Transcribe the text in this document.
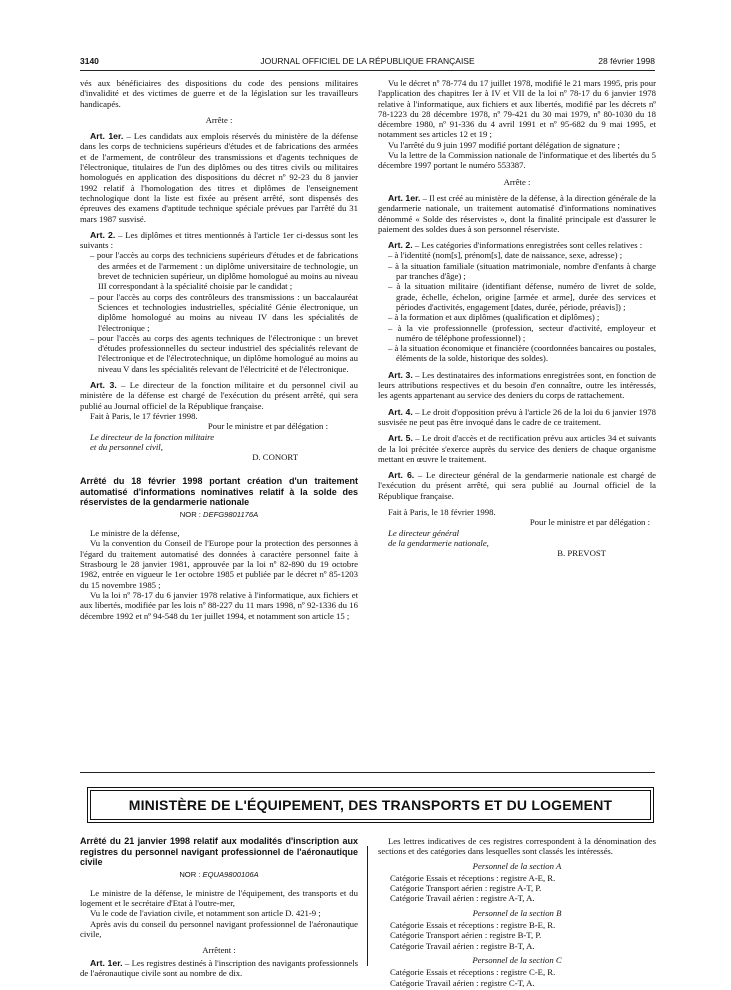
3140	JOURNAL OFFICIEL DE LA RÉPUBLIQUE FRANÇAISE	28 février 1998

vés aux bénéficiaires des dispositions du code des pensions militaires d'invalidité et des victimes de guerre et de la législation sur les travailleurs handicapés.

Arrête :

Art. 1er. – Les candidats aux emplois réservés du ministère de la défense dans les corps de techniciens supérieurs d'études et de fabrications des armées et de l'armement, de contrôleur des transmissions et d'agents techniques de l'électronique, titulaires de l'un des diplômes ou des titres civils ou militaires homologués en application des dispositions du décret nº 92-23 du 8 janvier 1992 relatif à l'homologation des titres et diplômes de l'enseignement technologique dont la liste est fixée au présent arrêté, sont dispensés des épreuves des examens d'aptitude technique spéciale prévues par l'arrêté du 31 mars 1987 susvisé.

Art. 2. – Les diplômes et titres mentionnés à l'article 1er ci-dessus sont les suivants :

– pour l'accès au corps des techniciens supérieurs d'études et de fabrications des armées et de l'armement : un diplôme universitaire de technologie, un brevet de technicien supérieur, un diplôme homologué au moins au niveau III correspondant à la spécialité choisie par le candidat ;
– pour l'accès au corps des contrôleurs des transmissions : un baccalauréat Sciences et technologies industrielles, spécialité Génie électronique, un diplôme homologué au moins au niveau IV dans les spécialités de l'électronique ;
– pour l'accès au corps des agents techniques de l'électronique : un brevet d'études professionnelles du secteur industriel des spécialités relevant de l'électronique et de l'électrotechnique, un diplôme homologué au moins au niveau V dans les spécialités relevant de l'électricité et de l'électronique.

Art. 3. – Le directeur de la fonction militaire et du personnel civil au ministère de la défense est chargé de l'exécution du présent arrêté, qui sera publié au Journal officiel de la République française.

Fait à Paris, le 17 février 1998.

Pour le ministre et par délégation :

Le directeur de la fonction militaire

et du personnel civil,

D. CONORT

Arrêté du 18 février 1998 portant création d'un traitement automatisé d'informations nominatives relatif à la solde des réservistes de la gendarmerie nationale

NOR : DEFG9801176A

Le ministre de la défense,

Vu la convention du Conseil de l'Europe pour la protection des personnes à l'égard du traitement automatisé des données à caractère personnel faite à Strasbourg le 28 janvier 1981, approuvée par la loi nº 82-890 du 19 octobre 1982, entrée en vigueur le 1er octobre 1985 et publiée par le décret nº 85-1203 du 15 novembre 1985 ;

Vu la loi nº 78-17 du 6 janvier 1978 relative à l'informatique, aux fichiers et aux libertés, modifiée par les lois nº 88-227 du 11 mars 1998, nº 92-1336 du 16 décembre 1992 et nº 94-548 du 1er juillet 1994, et notamment son article 15 ;

Vu le décret nº 78-774 du 17 juillet 1978, modifié le 21 mars 1995, pris pour l'application des chapitres Ier à IV et VII de la loi nº 78-17 du 6 janvier 1978 relative à l'informatique, aux fichiers et aux libertés, modifié par les décrets nº 78-1223 du 28 décembre 1978, nº 79-421 du 30 mai 1979, nº 80-1030 du 18 décembre 1980, nº 91-336 du 4 avril 1991 et nº 95-682 du 9 mai 1995, et notamment ses articles 12 et 19 ;

Vu l'arrêté du 9 juin 1997 modifié portant délégation de signature ;

Vu la lettre de la Commission nationale de l'informatique et des libertés du 5 décembre 1997 portant le numéro 553387.

Arrête :

Art. 1er. – Il est créé au ministère de la défense, à la direction générale de la gendarmerie nationale, un traitement automatisé d'informations nominatives dénommé « Solde des réservistes », dont la finalité principale est d'assurer le paiement des soldes dues à son personnel réserviste.

Art. 2. – Les catégories d'informations enregistrées sont celles relatives :

– à l'identité (nom[s], prénom[s], date de naissance, sexe, adresse) ;
– à la situation familiale (situation matrimoniale, nombre d'enfants à charge par tranches d'âge) ;
– à la situation militaire (identifiant défense, numéro de livret de solde, grade, échelle, échelon, origine [armée et arme], durée des services et périodes d'activités, engagement [dates, durée, période, préavis]) ;
– à la formation et aux diplômes (qualification et diplômes) ;
– à la vie professionnelle (profession, secteur d'activité, employeur et numéro de téléphone professionnel) ;
– à la situation économique et financière (coordonnées bancaires ou postales, éléments de la solde, historique des soldes).

Art. 3. – Les destinataires des informations enregistrées sont, en fonction de leurs attributions respectives et du besoin d'en connaître, outre les intéressés, les agents appartenant au service des deniers du corps de rattachement.

Art. 4. – Le droit d'opposition prévu à l'article 26 de la loi du 6 janvier 1978 susvisée ne peut pas être invoqué dans le cadre de ce traitement.

Art. 5. – Le droit d'accès et de rectification prévu aux articles 34 et suivants de la loi précitée s'exerce auprès du service des deniers de chaque organisme mettant en œuvre le traitement.

Art. 6. – Le directeur général de la gendarmerie nationale est chargé de l'exécution du présent arrêté, qui sera publié au Journal officiel de la République française.

Fait à Paris, le 18 février 1998.

Pour le ministre et par délégation :

Le directeur général

de la gendarmerie nationale,

B. PREVOST

MINISTÈRE DE L'ÉQUIPEMENT, DES TRANSPORTS ET DU LOGEMENT

Arrêté du 21 janvier 1998 relatif aux modalités d'inscription aux registres du personnel navigant professionnel de l'aéronautique civile

NOR : EQUA9800106A

Le ministre de la défense, le ministre de l'équipement, des transports et du logement et le secrétaire d'Etat à l'outre-mer,

Vu le code de l'aviation civile, et notamment son article D. 421-9 ;

Après avis du conseil du personnel navigant professionnel de l'aéronautique civile,

Arrêtent :

Art. 1er. – Les registres destinés à l'inscription des navigants professionnels de l'aéronautique civile sont au nombre de dix.

Les lettres indicatives de ces registres correspondent à la dénomination des sections et des catégories dans lesquelles sont classés les intéressés.

Personnel de la section A

Catégorie Essais et réceptions : registre A-E, R.

Catégorie Transport aérien : registre A-T, P.

Catégorie Travail aérien : registre A-T, A.

Personnel de la section B

Catégorie Essais et réceptions : registre B-E, R.

Catégorie Transport aérien : registre B-T, P.

Catégorie Travail aérien : registre B-T, A.

Personnel de la section C

Catégorie Essais et réceptions : registre C-E, R.

Catégorie Travail aérien : registre C-T, A.
